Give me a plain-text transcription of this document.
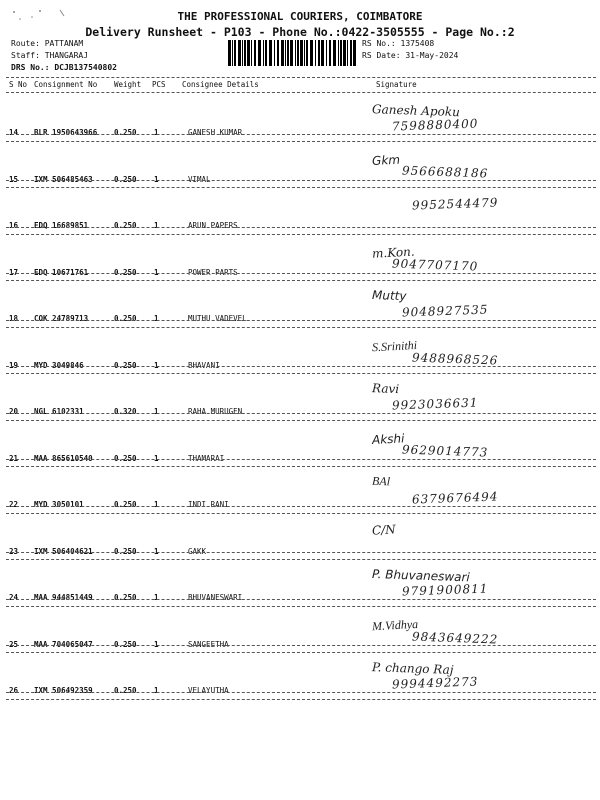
THE PROFESSIONAL COURIERS, COIMBATORE
Delivery Runsheet - P103 - Phone No.:0422-3505555 - Page No.:2
Route: PATTANAM
Staff: THANGARAJ
DRS No.: DCJB137540802
RS No.: 1375408
RS Date: 31-May-2024
S No Consignment No Weight PCS Consignee Details	Signature
14 BLR 1950643966 0.250 1	GANESH KUMAR
Ganesh Apoku
7598880400
15 IXM 506485463	0.250 1	VIMAL
Gkm
9566688186
16 EDQ 16689851	0.250 1	ARUN PAPERS
9952544479
17 EDQ 10671761	0.250 1	POWER PARTS
m.Kon.
9047707170
18 COK 24789713	0.250 1	MUTHU VADEVEL
Mutty
9048927535
19 MYD 3049846	0.250 1	BHAVANI
S.Srinithi
9488968526
20 NGL 6102331	0.320 1	RAHA MURUGEN
Ravi
9923036631
21 MAA 865610540	0.250 1	THAMARAI
Akshi
9629014773
22 MYD 3050101	0.250 1	INDI RANI
BAl
6379676494
23 IXM 506404621	0.250 1	GAKK
C/N
24 MAA 944851449	0.250 1	BHUVANESWARI
P. Bhuvaneswari
9791900811
25 MAA 704065047	0.250 1	SANGEETHA
M.Vidhya
9843649222
26 IXM 506492359	0.250 1	VELAYUTHA
P. chango Raj
9994492273
